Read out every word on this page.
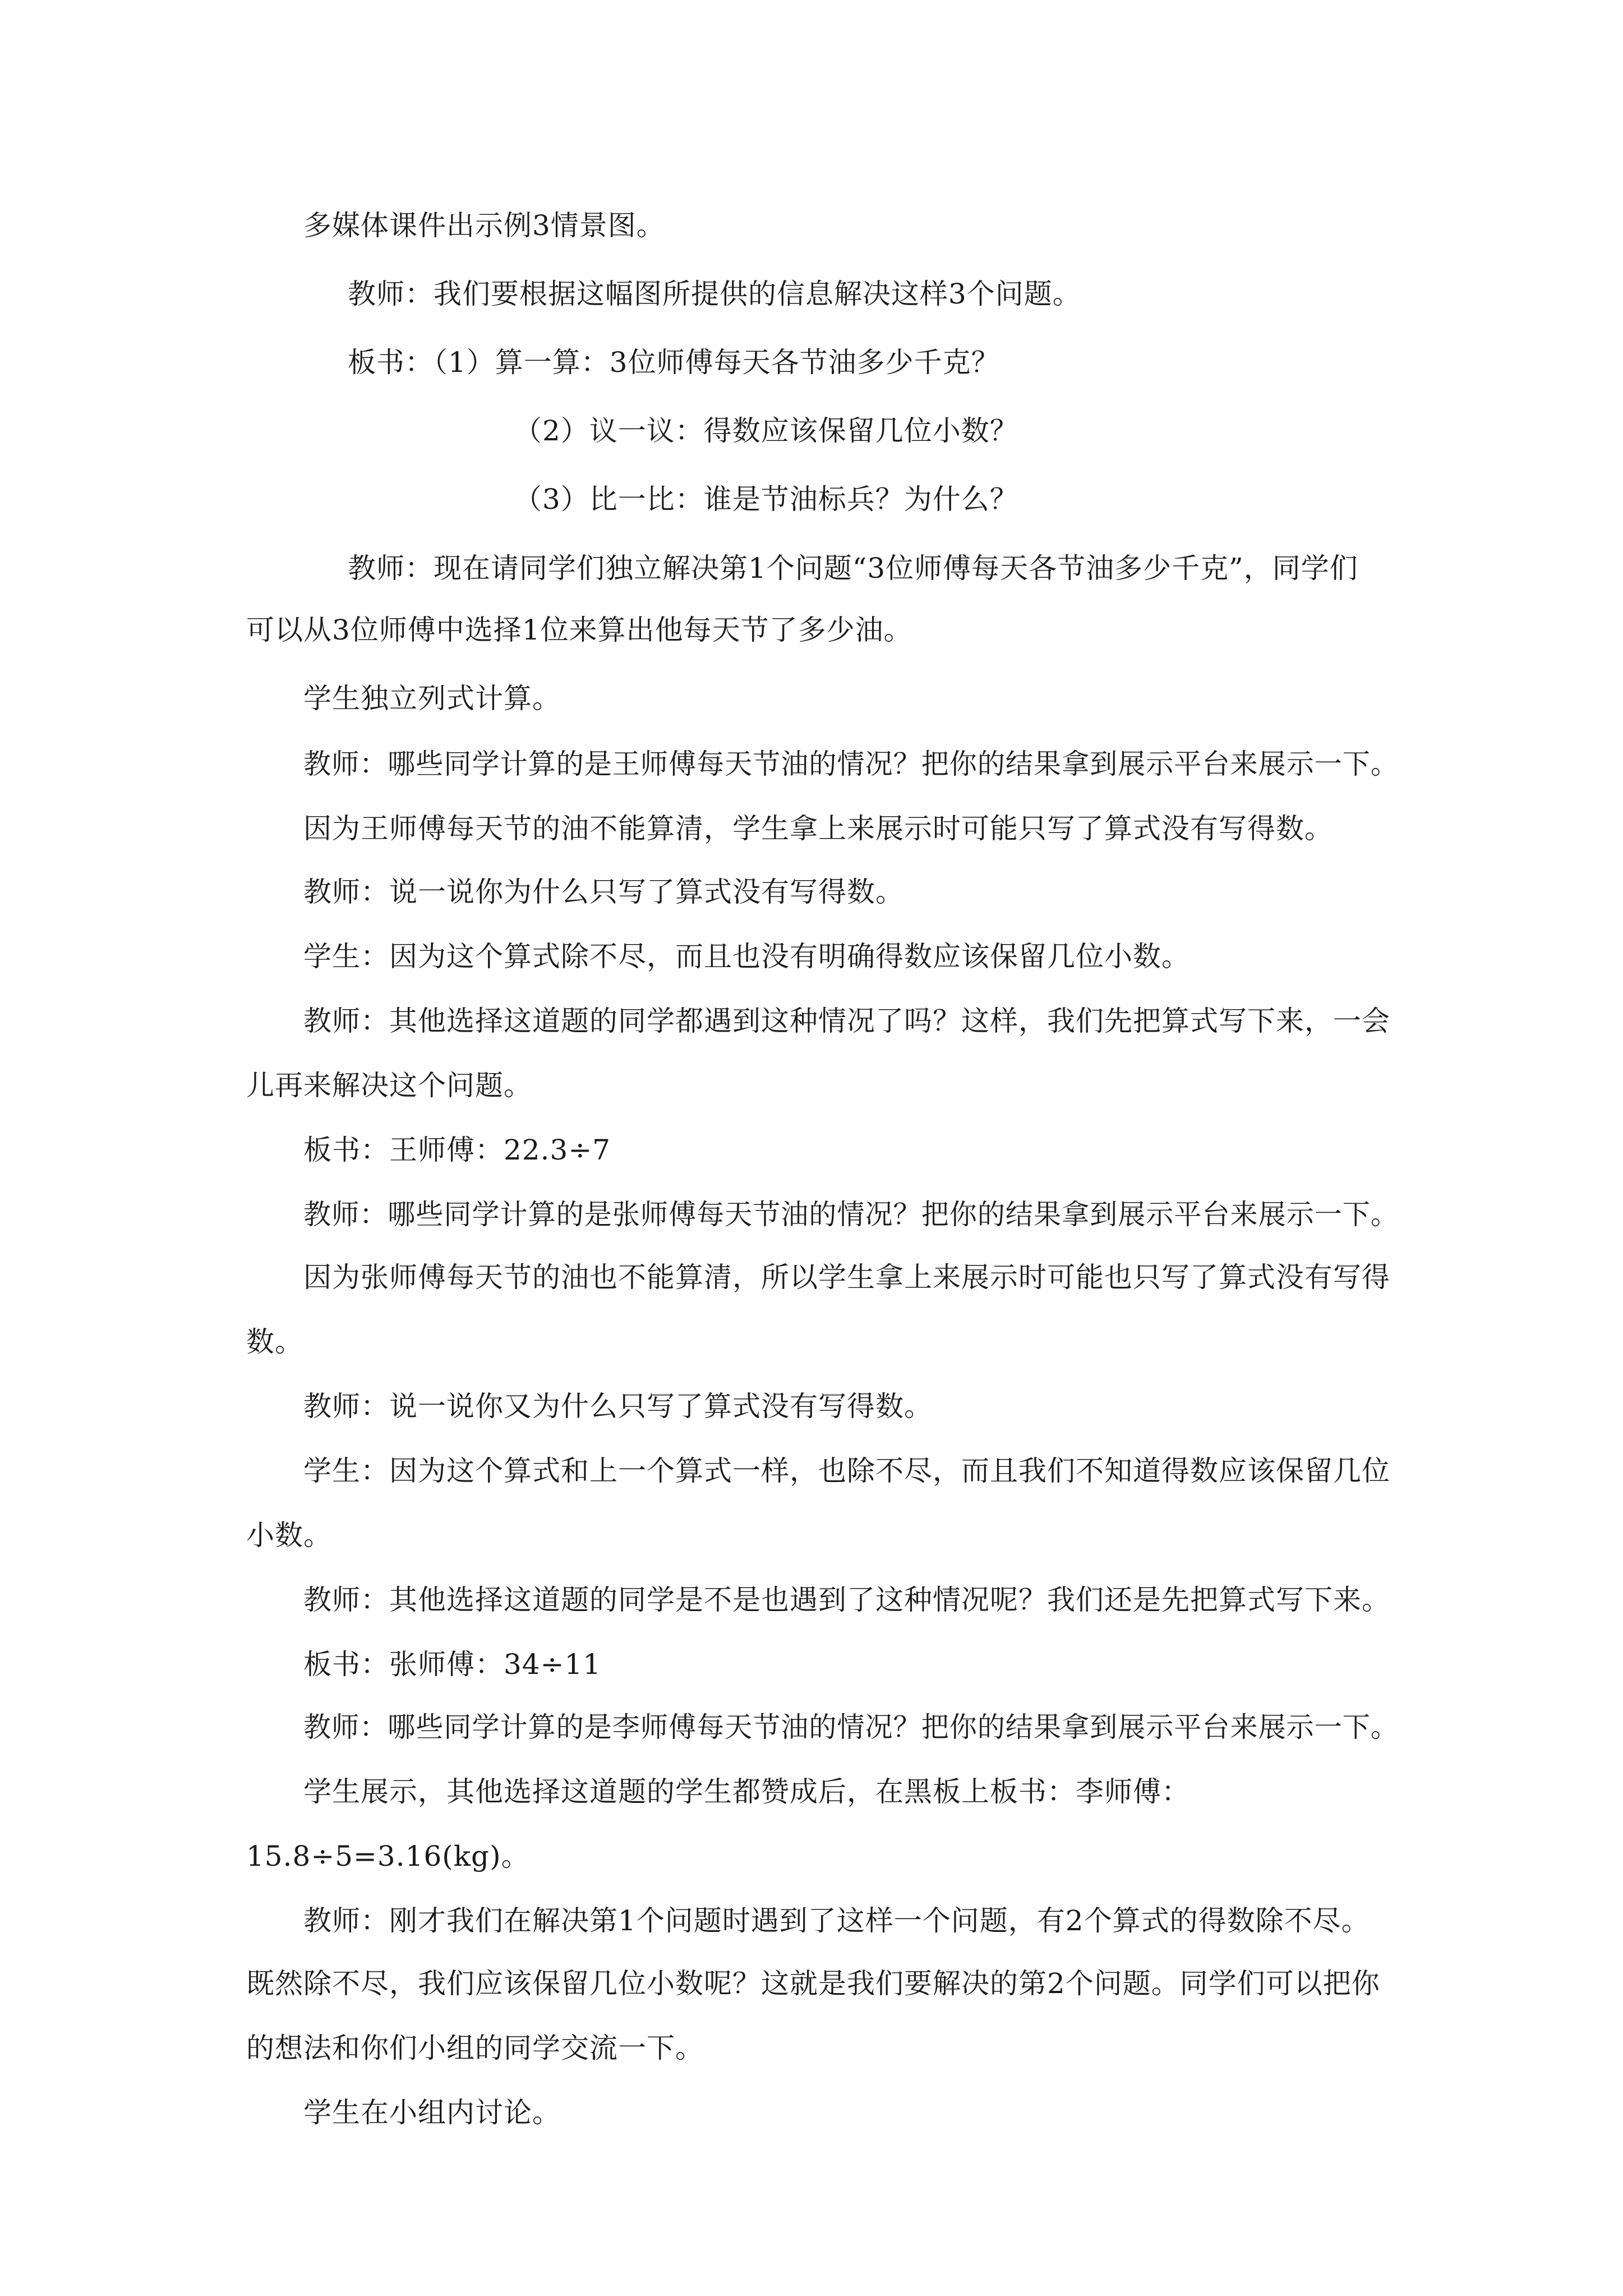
多媒体课件出示例3情景图。
教师：我们要根据这幅图所提供的信息解决这样3个问题。
板书：（1）算一算：3位师傅每天各节油多少千克？
（2）议一议：得数应该保留几位小数？
（3）比一比：谁是节油标兵？为什么？
教师：现在请同学们独立解决第1个问题“3位师傅每天各节油多少千克”，同学们
可以从3位师傅中选择1位来算出他每天节了多少油。
学生独立列式计算。
教师：哪些同学计算的是王师傅每天节油的情况？把你的结果拿到展示平台来展示一下。
因为王师傅每天节的油不能算清，学生拿上来展示时可能只写了算式没有写得数。
教师：说一说你为什么只写了算式没有写得数。
学生：因为这个算式除不尽，而且也没有明确得数应该保留几位小数。
教师：其他选择这道题的同学都遇到这种情况了吗？这样，我们先把算式写下来，一会
儿再来解决这个问题。
板书：王师傅：22.3÷7
教师：哪些同学计算的是张师傅每天节油的情况？把你的结果拿到展示平台来展示一下。
因为张师傅每天节的油也不能算清，所以学生拿上来展示时可能也只写了算式没有写得
数。
教师：说一说你又为什么只写了算式没有写得数。
学生：因为这个算式和上一个算式一样，也除不尽，而且我们不知道得数应该保留几位
小数。
教师：其他选择这道题的同学是不是也遇到了这种情况呢？我们还是先把算式写下来。
板书：张师傅：34÷11
教师：哪些同学计算的是李师傅每天节油的情况？把你的结果拿到展示平台来展示一下。
学生展示，其他选择这道题的学生都赞成后，在黑板上板书：李师傅：
15.8÷5=3.16(kg)。
教师：刚才我们在解决第1个问题时遇到了这样一个问题，有2个算式的得数除不尽。
既然除不尽，我们应该保留几位小数呢？这就是我们要解决的第2个问题。同学们可以把你
的想法和你们小组的同学交流一下。
学生在小组内讨论。
